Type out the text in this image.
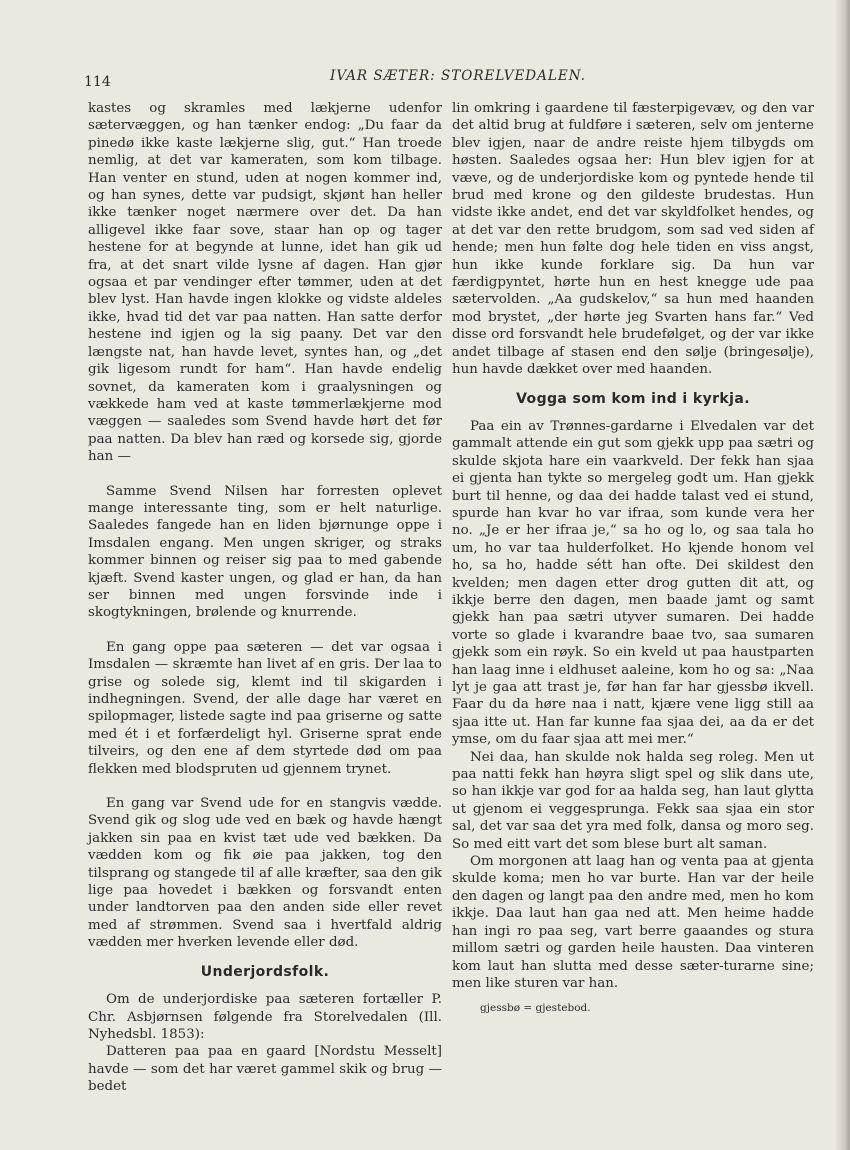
114	IVAR SÆTER: STORELVEDALEN.

kastes og skramles med lækjerne udenfor sætervæggen, og han tænker endog: „Du faar da pinedø ikke kaste lækjerne slig, gut.“ Han troede nemlig, at det var kameraten, som kom tilbage. Han venter en stund, uden at nogen kommer ind, og han synes, dette var pudsigt, skjønt han heller ikke tænker noget nærmere over det. Da han alligevel ikke faar sove, staar han op og tager hestene for at begynde at lunne, idet han gik ud fra, at det snart vilde lysne af dagen. Han gjør ogsaa et par vendinger efter tømmer, uden at det blev lyst. Han havde ingen klokke og vidste aldeles ikke, hvad tid det var paa natten. Han satte derfor hestene ind igjen og la sig paany. Det var den længste nat, han havde levet, syntes han, og „det gik ligesom rundt for ham“. Han havde endelig sovnet, da kameraten kom i graalysningen og vækkede ham ved at kaste tømmerlækjerne mod væggen — saaledes som Svend havde hørt det før paa natten. Da blev han ræd og korsede sig, gjorde han —

Samme Svend Nilsen har forresten oplevet mange interessante ting, som er helt naturlige. Saaledes fangede han en liden bjørnunge oppe i Imsdalen engang. Men ungen skriger, og straks kommer binnen og reiser sig paa to med gabende kjæft. Svend kaster ungen, og glad er han, da han ser binnen med ungen forsvinde inde i skogtykningen, brølende og knurrende.

En gang oppe paa sæteren — det var ogsaa i Imsdalen — skræmte han livet af en gris. Der laa to grise og solede sig, klemt ind til skigarden i indhegningen. Svend, der alle dage har været en spilopmager, listede sagte ind paa griserne og satte med ét i et forfærdeligt hyl. Griserne sprat ende tilveirs, og den ene af dem styrtede død om paa flekken med blodspruten ud gjennem trynet.

En gang var Svend ude for en stangvis vædde. Svend gik og slog ude ved en bæk og havde hængt jakken sin paa en kvist tæt ude ved bækken. Da vædden kom og fik øie paa jakken, tog den tilsprang og stangede til af alle kræfter, saa den gik lige paa hovedet i bækken og forsvandt enten under landtorven paa den anden side eller revet med af strømmen. Svend saa i hvertfald aldrig vædden mer hverken levende eller død.

Underjordsfolk.

Om de underjordiske paa sæteren fortæller P. Chr. Asbjørnsen følgende fra Storelvedalen (Ill. Nyhedsbl. 1853):

Datteren paa paa en gaard [Nordstu Messelt] havde — som det har været gammel skik og brug — bedet

lin omkring i gaardene til fæsterpigevæv, og den var det altid brug at fuldføre i sæteren, selv om jenterne blev igjen, naar de andre reiste hjem tilbygds om høsten. Saaledes ogsaa her: Hun blev igjen for at væve, og de underjordiske kom og pyntede hende til brud med krone og den gildeste brudestas. Hun vidste ikke andet, end det var skyldfolket hendes, og at det var den rette brudgom, som sad ved siden af hende; men hun følte dog hele tiden en viss angst, hun ikke kunde forklare sig. Da hun var færdigpyntet, hørte hun en hest knegge ude paa sætervolden. „Aa gudskelov,“ sa hun med haanden mod brystet, „der hørte jeg Svarten hans far.“ Ved disse ord forsvandt hele brudefølget, og der var ikke andet tilbage af stasen end den sølje (bringesølje), hun havde dækket over med haanden.

Vogga som kom ind i kyrkja.

Paa ein av Trønnes-gardarne i Elvedalen var det gammalt attende ein gut som gjekk upp paa sætri og skulde skjota hare ein vaarkveld. Der fekk han sjaa ei gjenta han tykte so mergeleg godt um. Han gjekk burt til henne, og daa dei hadde talast ved ei stund, spurde han kvar ho var ifraa, som kunde vera her no. „Je er her ifraa je,“ sa ho og lo, og saa tala ho um, ho var taa hulderfolket. Ho kjende honom vel ho, sa ho, hadde sétt han ofte. Dei skildest den kvelden; men dagen etter drog gutten dit att, og ikkje berre den dagen, men baade jamt og samt gjekk han paa sætri utyver sumaren. Dei hadde vorte so glade i kvarandre baae tvo, saa sumaren gjekk som ein røyk. So ein kveld ut paa haustparten han laag inne i eldhuset aaleine, kom ho og sa: „Naa lyt je gaa att trast je, før han far har gjessbø ikvell. Faar du da høre naa i natt, kjære vene ligg still aa sjaa itte ut. Han far kunne faa sjaa dei, aa da er det ymse, om du faar sjaa att mei mer.“

Nei daa, han skulde nok halda seg roleg. Men ut paa natti fekk han høyra sligt spel og slik dans ute, so han ikkje var god for aa halda seg, han laut glytta ut gjenom ei veggesprunga. Fekk saa sjaa ein stor sal, det var saa det yra med folk, dansa og moro seg. So med eitt vart det som blese burt alt saman.

Om morgonen att laag han og venta paa at gjenta skulde koma; men ho var burte. Han var der heile den dagen og langt paa den andre med, men ho kom ikkje. Daa laut han gaa ned att. Men heime hadde han ingi ro paa seg, vart berre gaaandes og stura millom sætri og garden heile hausten. Daa vinteren kom laut han slutta med desse sæter-turarne sine; men like sturen var han.

gjessbø = gjestebod.
